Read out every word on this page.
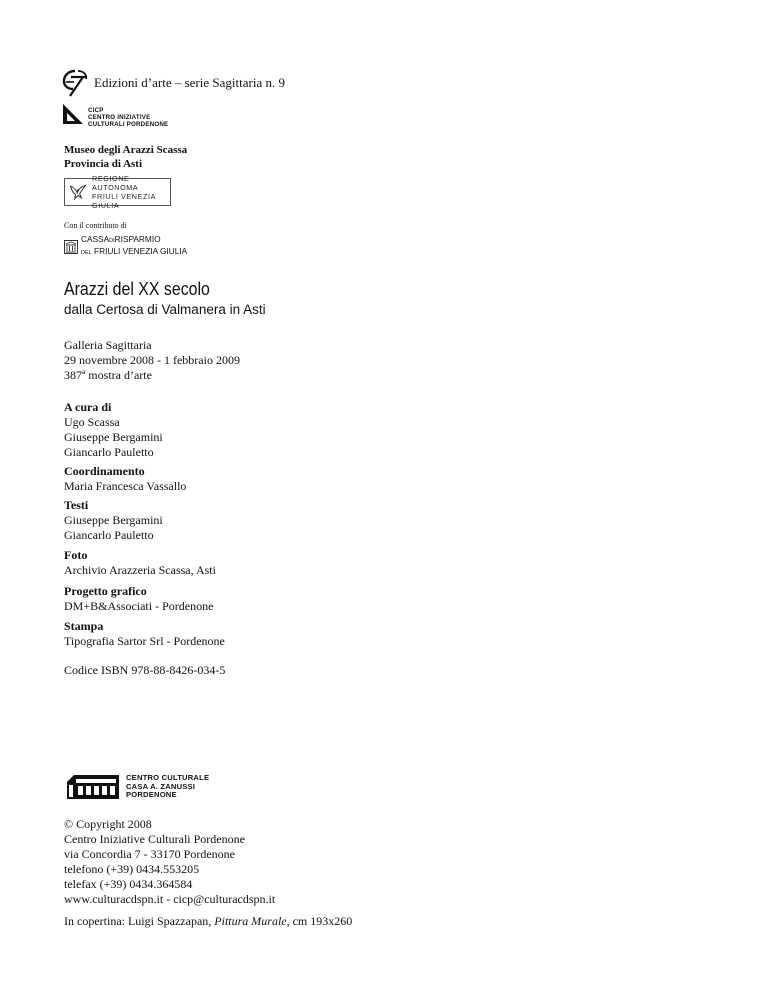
Edizioni d’arte – serie Sagittaria n. 9
CICP
CENTRO INIZIATIVE
CULTURALI PORDENONE
Museo degli Arazzi Scassa
Provincia di Asti
REGIONE AUTONOMA
FRIULI VENEZIA GIULIA
Con il contributo di
CASSADIRISPARMIO
DEL FRIULI VENEZIA GIULIA
Arazzi del XX secolo
dalla Certosa di Valmanera in Asti
Galleria Sagittaria
29 novembre 2008 - 1 febbraio 2009
387ª mostra d’arte
A cura di
Ugo Scassa
Giuseppe Bergamini
Giancarlo Pauletto
Coordinamento
Maria Francesca Vassallo
Testi
Giuseppe Bergamini
Giancarlo Pauletto
Foto
Archivio Arazzeria Scassa, Asti
Progetto grafico
DM+B&Associati - Pordenone
Stampa
Tipografia Sartor Srl - Pordenone
Codice ISBN 978-88-8426-034-5
CENTRO CULTURALE
CASA A. ZANUSSI
PORDENONE
© Copyright 2008
Centro Iniziative Culturali Pordenone
via Concordia 7 - 33170 Pordenone
telefono (+39) 0434.553205
telefax (+39) 0434.364584
www.culturacdspn.it - cicp@culturacdspn.it
In copertina: Luigi Spazzapan, Pittura Murale, cm 193x260
